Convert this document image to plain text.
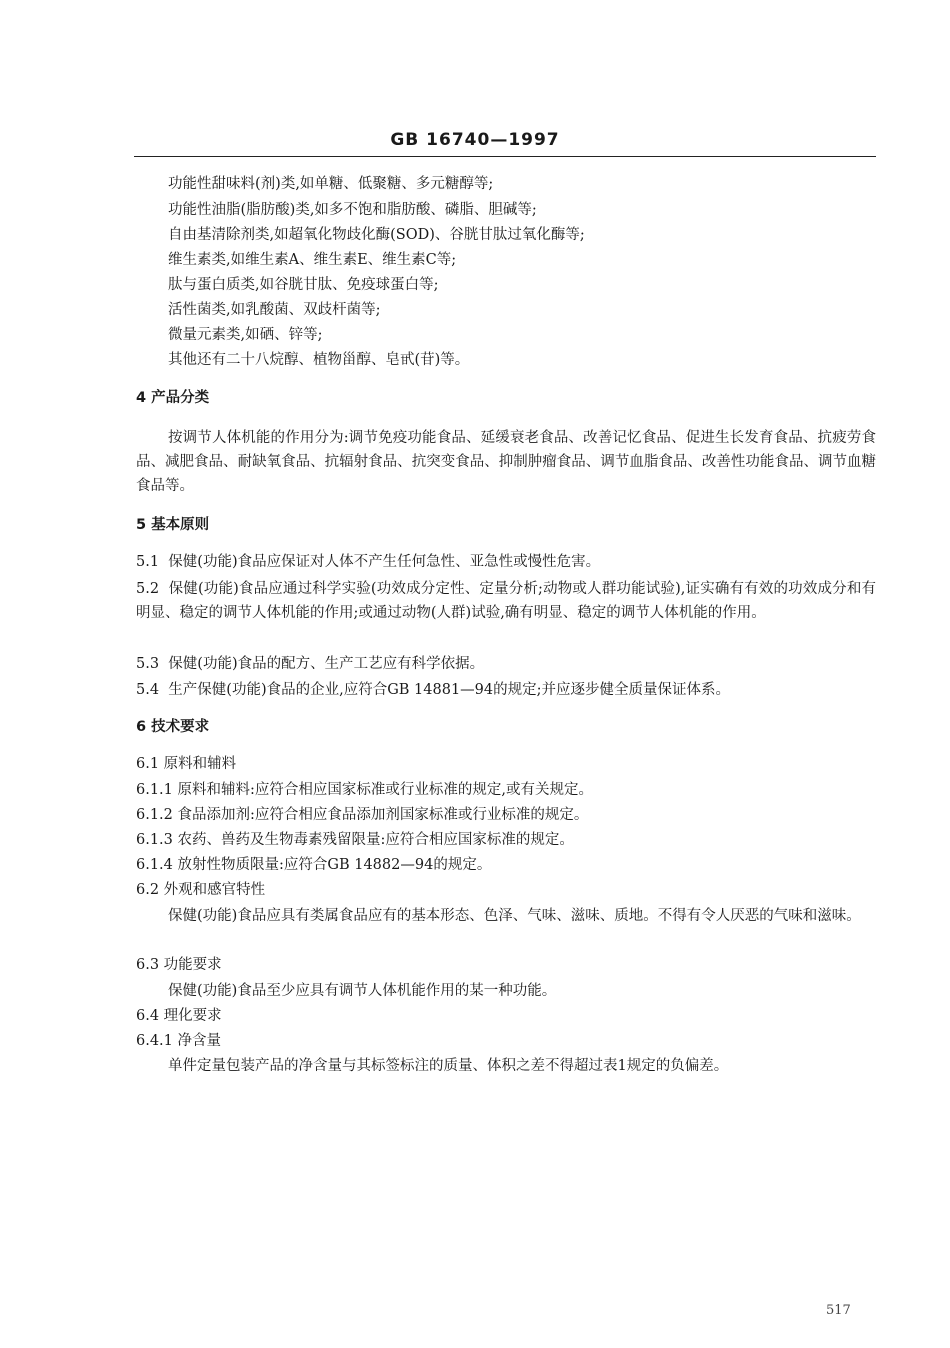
GB 16740—1997
功能性甜味料(剂)类,如单糖、低聚糖、多元糖醇等;
功能性油脂(脂肪酸)类,如多不饱和脂肪酸、磷脂、胆碱等;
自由基清除剂类,如超氧化物歧化酶(SOD)、谷胱甘肽过氧化酶等;
维生素类,如维生素A、维生素E、维生素C等;
肽与蛋白质类,如谷胱甘肽、免疫球蛋白等;
活性菌类,如乳酸菌、双歧杆菌等;
微量元素类,如硒、锌等;
其他还有二十八烷醇、植物甾醇、皂甙(苷)等。
4 产品分类
按调节人体机能的作用分为:调节免疫功能食品、延缓衰老食品、改善记忆食品、促进生长发育食品、抗疲劳食品、减肥食品、耐缺氧食品、抗辐射食品、抗突变食品、抑制肿瘤食品、调节血脂食品、改善性功能食品、调节血糖食品等。
5 基本原则
5.1 保健(功能)食品应保证对人体不产生任何急性、亚急性或慢性危害。
5.2 保健(功能)食品应通过科学实验(功效成分定性、定量分析;动物或人群功能试验),证实确有有效的功效成分和有明显、稳定的调节人体机能的作用;或通过动物(人群)试验,确有明显、稳定的调节人体机能的作用。
5.3 保健(功能)食品的配方、生产工艺应有科学依据。
5.4 生产保健(功能)食品的企业,应符合GB 14881—94的规定;并应逐步健全质量保证体系。
6 技术要求
6.1 原料和辅料
6.1.1 原料和辅料:应符合相应国家标准或行业标准的规定,或有关规定。
6.1.2 食品添加剂:应符合相应食品添加剂国家标准或行业标准的规定。
6.1.3 农药、兽药及生物毒素残留限量:应符合相应国家标准的规定。
6.1.4 放射性物质限量:应符合GB 14882—94的规定。
6.2 外观和感官特性
保健(功能)食品应具有类属食品应有的基本形态、色泽、气味、滋味、质地。不得有令人厌恶的气味和滋味。
6.3 功能要求
保健(功能)食品至少应具有调节人体机能作用的某一种功能。
6.4 理化要求
6.4.1 净含量
单件定量包装产品的净含量与其标签标注的质量、体积之差不得超过表1规定的负偏差。
517
